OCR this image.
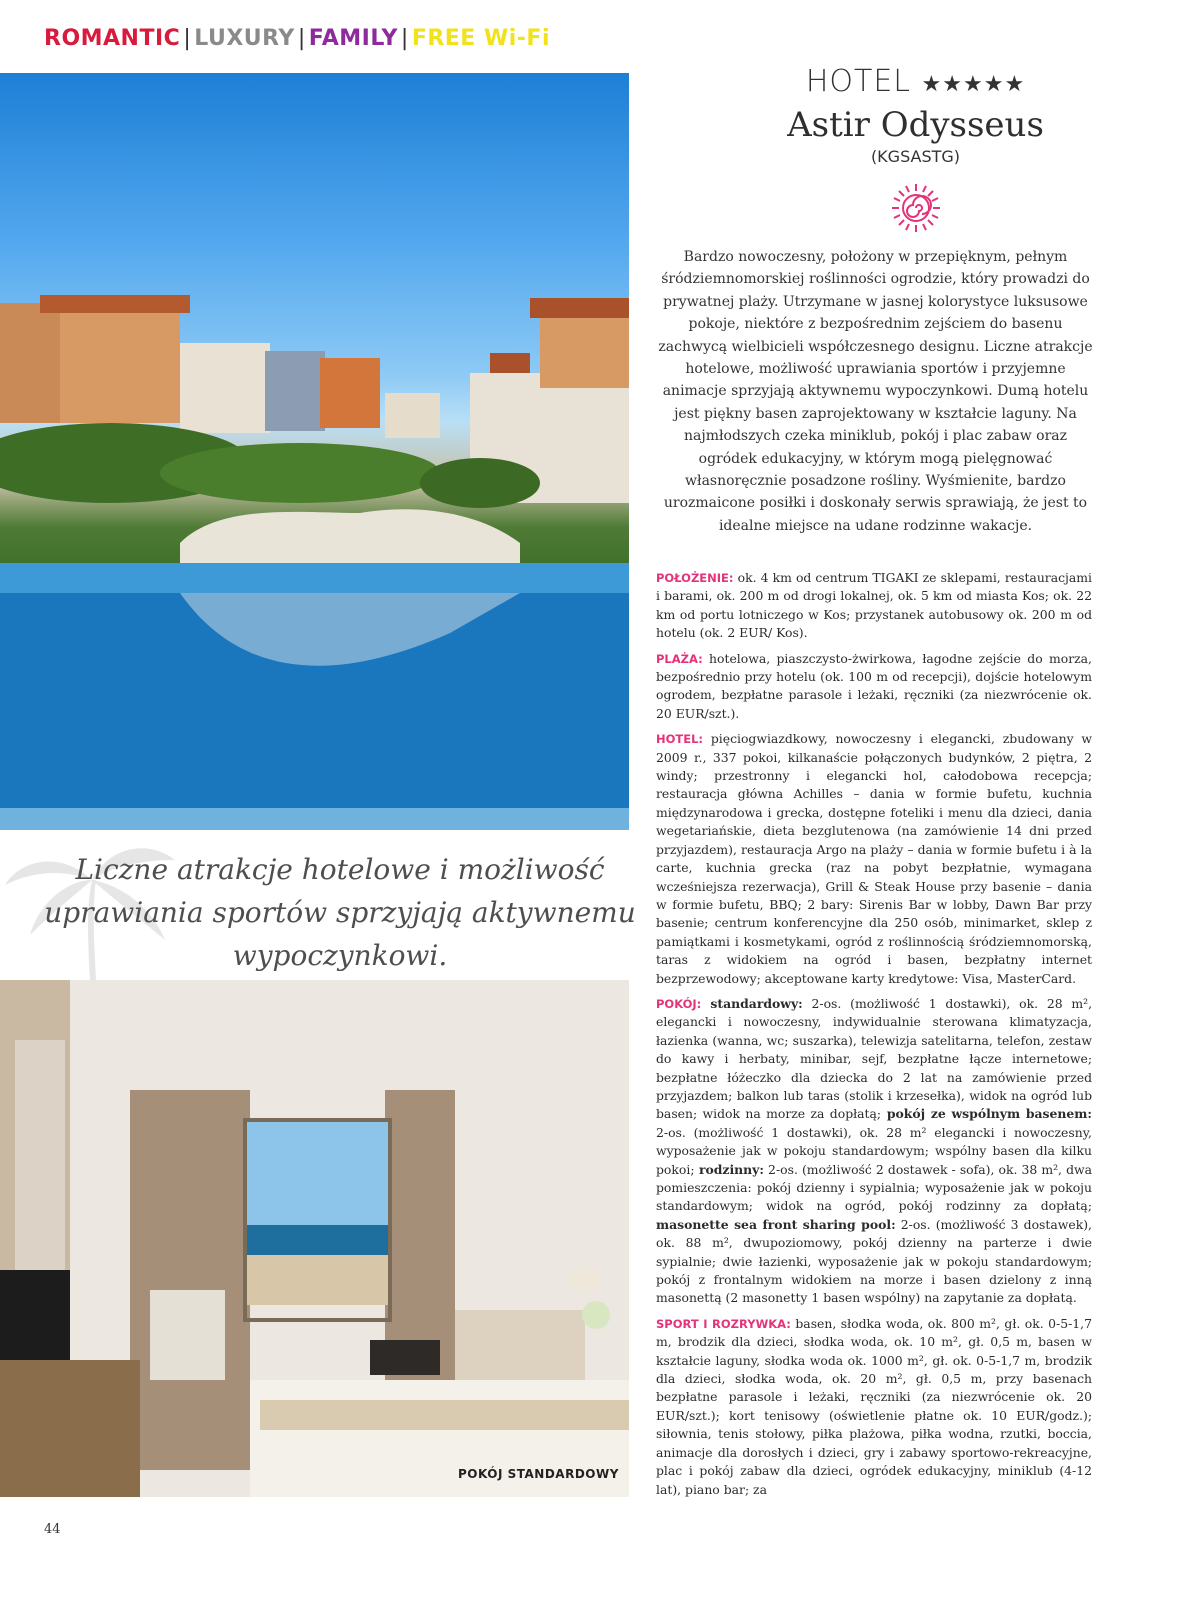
ROMANTIC | LUXURY | FAMILY | FREE Wi-Fi
HOTEL ★★★★★
Astir Odysseus
(KGSASTG)
Bardzo nowoczesny, położony w przepięknym, pełnym śródziemnomorskiej roślinności ogrodzie, który prowadzi do prywatnej plaży. Utrzymane w jasnej kolorystyce luksusowe pokoje, niektóre z bezpośrednim zejściem do basenu zachwycą wielbicieli współczesnego designu. Liczne atrakcje hotelowe, możliwość uprawiania sportów i przyjemne animacje sprzyjają aktywnemu wypoczynkowi. Dumą hotelu jest piękny basen zaprojektowany w kształcie laguny. Na najmłodszych czeka miniklub, pokój i plac zabaw oraz ogródek edukacyjny, w którym mogą pielęgnować własnoręcznie posadzone rośliny. Wyśmienite, bardzo urozmaicone posiłki i doskonały serwis sprawiają, że jest to idealne miejsce na udane rodzinne wakacje.
Liczne atrakcje hotelowe i możliwość uprawiania sportów sprzyjają aktywnemu wypoczynkowi.
POKÓJ STANDARDOWY

POŁOŻENIE: ok. 4 km od centrum TIGAKI ze sklepami, restauracjami i barami, ok. 200 m od drogi lokalnej, ok. 5 km od miasta Kos; ok. 22 km od portu lotniczego w Kos; przystanek autobusowy ok. 200 m od hotelu (ok. 2 EUR/ Kos).

PLAŻA: hotelowa, piaszczysto-żwirkowa, łagodne zejście do morza, bezpośrednio przy hotelu (ok. 100 m od recepcji), dojście hotelowym ogrodem, bezpłatne parasole i leżaki, ręczniki (za niezwrócenie ok. 20 EUR/szt.).

HOTEL: pięciogwiazdkowy, nowoczesny i elegancki, zbudowany w 2009 r., 337 pokoi, kilkanaście połączonych budynków, 2 piętra, 2 windy; przestronny i elegancki hol, całodobowa recepcja; restauracja główna Achilles – dania w formie bufetu, kuchnia międzynarodowa i grecka, dostępne foteliki i menu dla dzieci, dania wegetariańskie, dieta bezglutenowa (na zamówienie 14 dni przed przyjazdem), restauracja Argo na plaży – dania w formie bufetu i à la carte, kuchnia grecka (raz na pobyt bezpłatnie, wymagana wcześniejsza rezerwacja), Grill & Steak House przy basenie – dania w formie bufetu, BBQ; 2 bary: Sirenis Bar w lobby, Dawn Bar przy basenie; centrum konferencyjne dla 250 osób, minimarket, sklep z pamiątkami i kosmetykami, ogród z roślinnością śródziemnomorską, taras z widokiem na ogród i basen, bezpłatny internet bezprzewodowy; akceptowane karty kredytowe: Visa, MasterCard.

POKÓJ: standardowy: 2-os. (możliwość 1 dostawki), ok. 28 m², elegancki i nowoczesny, indywidualnie sterowana klimatyzacja, łazienka (wanna, wc; suszarka), telewizja satelitarna, telefon, zestaw do kawy i herbaty, minibar, sejf, bezpłatne łącze internetowe; bezpłatne łóżeczko dla dziecka do 2 lat na zamówienie przed przyjazdem; balkon lub taras (stolik i krzesełka), widok na ogród lub basen; widok na morze za dopłatą; pokój ze wspólnym basenem: 2-os. (możliwość 1 dostawki), ok. 28 m² elegancki i nowoczesny, wyposażenie jak w pokoju standardowym; wspólny basen dla kilku pokoi; rodzinny: 2-os. (możliwość 2 dostawek - sofa), ok. 38 m², dwa pomieszczenia: pokój dzienny i sypialnia; wyposażenie jak w pokoju standardowym; widok na ogród, pokój rodzinny za dopłatą; masonette sea front sharing pool: 2-os. (możliwość 3 dostawek), ok. 88 m², dwupoziomowy, pokój dzienny na parterze i dwie sypialnie; dwie łazienki, wyposażenie jak w pokoju standardowym; pokój z frontalnym widokiem na morze i basen dzielony z inną masonettą (2 masonetty 1 basen wspólny) na zapytanie za dopłatą.

SPORT I ROZRYWKA: basen, słodka woda, ok. 800 m², gł. ok. 0-5-1,7 m, brodzik dla dzieci, słodka woda, ok. 10 m², gł. 0,5 m, basen w kształcie laguny, słodka woda ok. 1000 m², gł. ok. 0-5-1,7 m, brodzik dla dzieci, słodka woda, ok. 20 m², gł. 0,5 m, przy basenach bezpłatne parasole i leżaki, ręczniki (za niezwrócenie ok. 20 EUR/szt.); kort tenisowy (oświetlenie płatne ok. 10 EUR/godz.); siłownia, tenis stołowy, piłka plażowa, piłka wodna, rzutki, boccia, animacje dla dorosłych i dzieci, gry i zabawy sportowo-rekreacyjne, plac i pokój zabaw dla dzieci, ogródek edukacyjny, miniklub (4-12 lat), piano bar; za

44
